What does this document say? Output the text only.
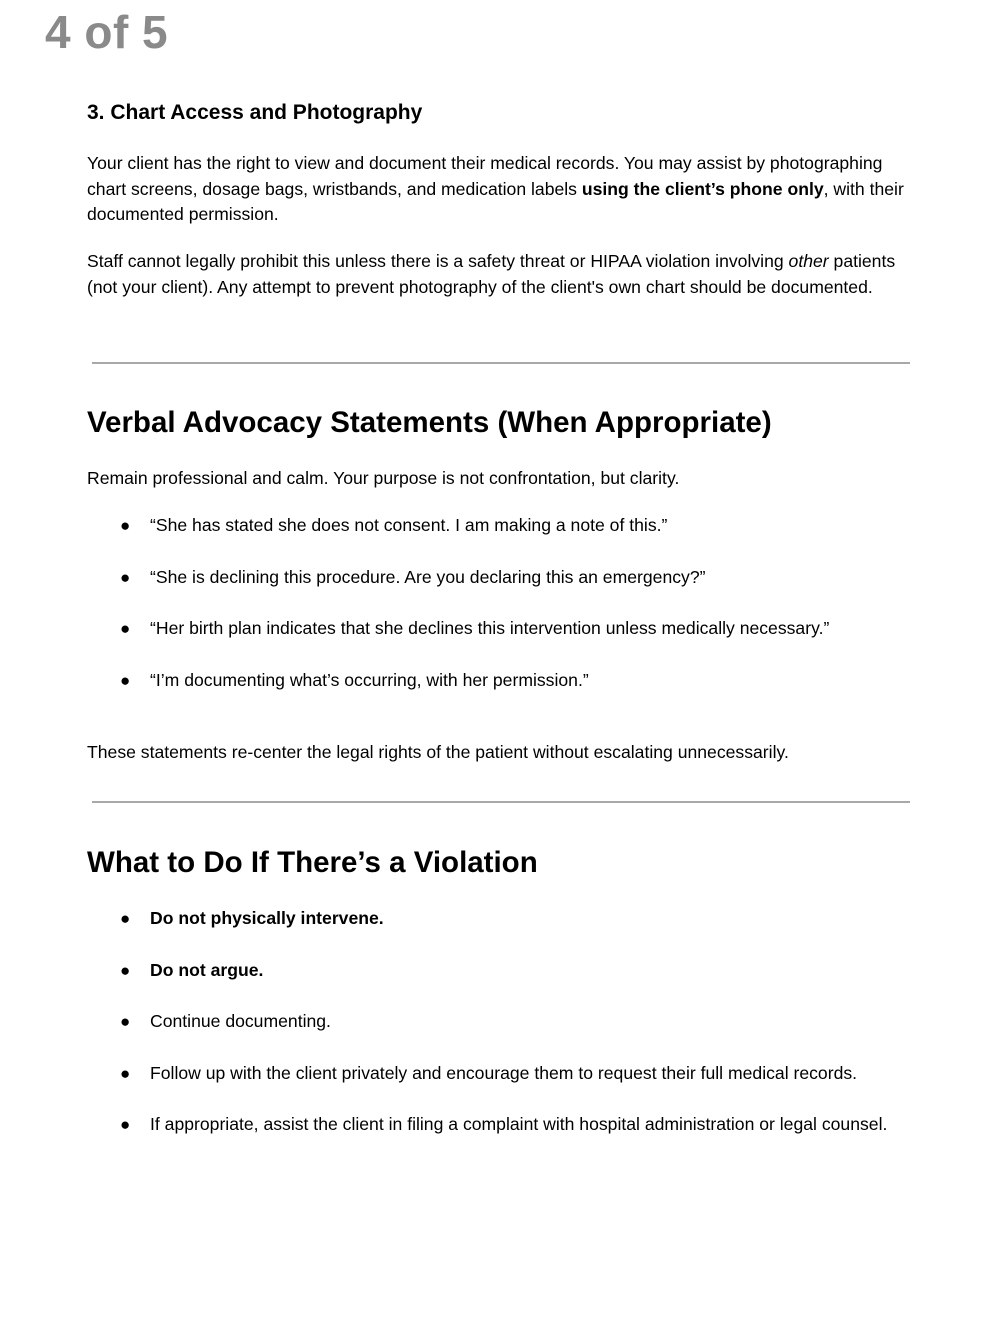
4 of 5
3. Chart Access and Photography

Your client has the right to view and document their medical records. You may assist by photographing chart screens, dosage bags, wristbands, and medication labels using the client’s phone only, with their documented permission.

Staff cannot legally prohibit this unless there is a safety threat or HIPAA violation involving other patients (not your client). Any attempt to prevent photography of the client's own chart should be documented.

Verbal Advocacy Statements (When Appropriate)

Remain professional and calm. Your purpose is not confrontation, but clarity.

● “She has stated she does not consent. I am making a note of this.”
● “She is declining this procedure. Are you declaring this an emergency?”
● “Her birth plan indicates that she declines this intervention unless medically necessary.”
● “I’m documenting what’s occurring, with her permission.”

These statements re-center the legal rights of the patient without escalating unnecessarily.

What to Do If There’s a Violation
● Do not physically intervene.
● Do not argue.
● Continue documenting.
● Follow up with the client privately and encourage them to request their full medical records.
● If appropriate, assist the client in filing a complaint with hospital administration or legal counsel.
